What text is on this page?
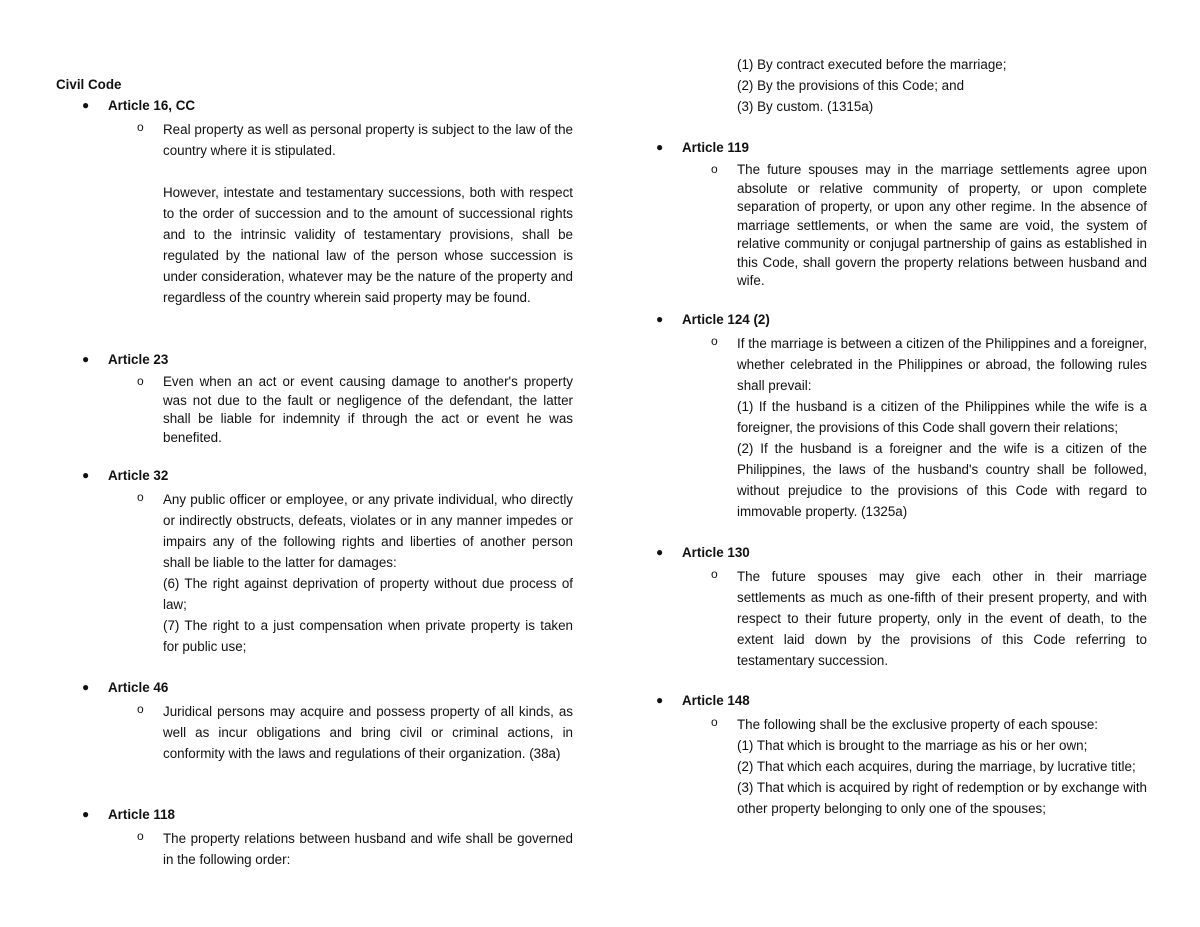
Civil Code
● Article 16, CC
o Real property as well as personal property is subject to the law of the country where it is stipulated.

However, intestate and testamentary successions, both with respect to the order of succession and to the amount of successional rights and to the intrinsic validity of testamentary provisions, shall be regulated by the national law of the person whose succession is under consideration, whatever may be the nature of the property and regardless of the country wherein said property may be found.

● Article 23
o Even when an act or event causing damage to another's property was not due to the fault or negligence of the defendant, the latter shall be liable for indemnity if through the act or event he was benefited.

● Article 32
o Any public officer or employee, or any private individual, who directly or indirectly obstructs, defeats, violates or in any manner impedes or impairs any of the following rights and liberties of another person shall be liable to the latter for damages:

(6) The right against deprivation of property without due process of law;

(7) The right to a just compensation when private property is taken for public use;

● Article 46
o Juridical persons may acquire and possess property of all kinds, as well as incur obligations and bring civil or criminal actions, in conformity with the laws and regulations of their organization. (38a)

● Article 118
o The property relations between husband and wife shall be governed in the following order:

(1) By contract executed before the marriage;

(2) By the provisions of this Code; and

(3) By custom. (1315a)

● Article 119
o The future spouses may in the marriage settlements agree upon absolute or relative community of property, or upon complete separation of property, or upon any other regime. In the absence of marriage settlements, or when the same are void, the system of relative community or conjugal partnership of gains as established in this Code, shall govern the property relations between husband and wife.

● Article 124 (2)
o If the marriage is between a citizen of the Philippines and a foreigner, whether celebrated in the Philippines or abroad, the following rules shall prevail:

(1) If the husband is a citizen of the Philippines while the wife is a foreigner, the provisions of this Code shall govern their relations;

(2) If the husband is a foreigner and the wife is a citizen of the Philippines, the laws of the husband's country shall be followed, without prejudice to the provisions of this Code with regard to immovable property. (1325a)

● Article 130
o The future spouses may give each other in their marriage settlements as much as one-fifth of their present property, and with respect to their future property, only in the event of death, to the extent laid down by the provisions of this Code referring to testamentary succession.

● Article 148
o The following shall be the exclusive property of each spouse:

(1) That which is brought to the marriage as his or her own;

(2) That which each acquires, during the marriage, by lucrative title;

(3) That which is acquired by right of redemption or by exchange with other property belonging to only one of the spouses;
